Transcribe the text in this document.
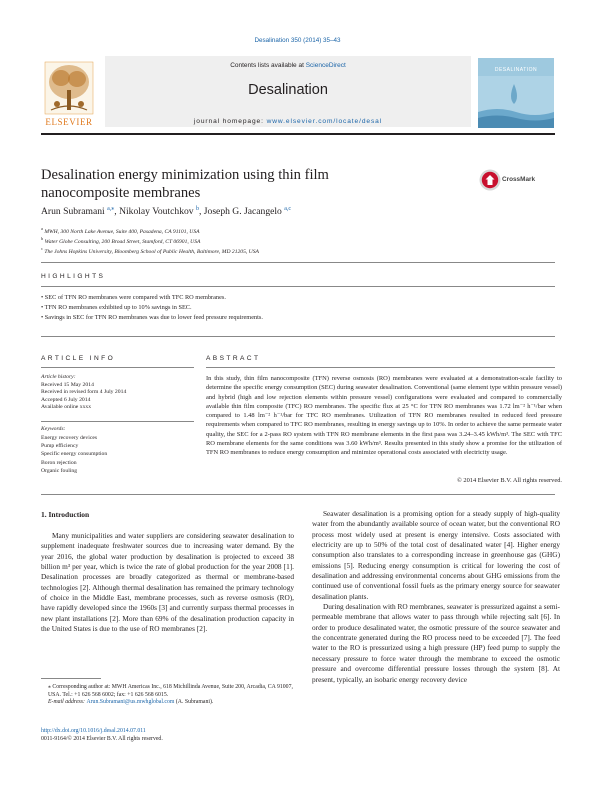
Desalination 350 (2014) 35–43
ELSEVIER
Contents lists available at ScienceDirect
Desalination
journal homepage: www.elsevier.com/locate/desal
DESALINATION
Desalination energy minimization using thin film
nanocomposite membranes
CrossMark
Arun Subramani $^{a,⁎}$, Nikolay Voutchkov $^b$, Joseph G. Jacangelo $^{a,c}$
$^a$ MWH, 300 North Lake Avenue, Suite 400, Pasadena, CA 91101, USA
$^b$ Water Globe Consulting, 200 Broad Street, Stamford, CT 06901, USA
$^c$ The Johns Hopkins University, Bloomberg School of Public Health, Baltimore, MD 21205, USA
HIGHLIGHTS
• SEC of TFN RO membranes were compared with TFC RO membranes.
• TFN RO membranes exhibited up to 10% savings in SEC.
• Savings in SEC for TFN RO membranes was due to lower feed pressure requirements.
ARTICLE INFO
Article history:
Received 15 May 2014
Received in revised form 4 July 2014
Accepted 6 July 2014
Available online xxxx
Keywords:
Energy recovery devices
Pump efficiency
Specific energy consumption
Boron rejection
Organic fouling
ABSTRACT
In this study, thin film nanocomposite (TFN) reverse osmosis (RO) membranes were evaluated at a demonstration-scale facility to determine the specific energy consumption (SEC) during seawater desalination. Conventional (same element type within pressure vessel) and hybrid (high and low rejection elements within pressure vessel) configurations were evaluated and compared to commercially available thin film composite (TFC) RO membranes. The specific flux at 25 °C for TFN RO membranes was 1.72 lm⁻² h⁻¹/bar when compared to 1.48 lm⁻² h⁻¹/bar for TFC RO membranes. Utilization of TFN RO membranes resulted in reduced feed pressure requirements when compared to TFC RO membranes, resulting in energy savings up to 10%. In order to achieve the same permeate water quality, the SEC for a 2-pass RO system with TFN RO membrane elements in the first pass was 3.24–3.45 kWh/m³. The SEC with TFC RO membrane elements for the same conditions was 3.60 kWh/m³. Results presented in this study show a promise for the utilization of TFN RO membranes to reduce energy consumption and minimize operational costs associated with electricity usage.
© 2014 Elsevier B.V. All rights reserved.
1. Introduction

Many municipalities and water suppliers are considering seawater desalination to supplement inadequate freshwater sources due to increasing water demand. By the year 2016, the global water production by desalination is projected to exceed 38 billion m³ per year, which is twice the rate of global production for the year 2008 [1]. Desalination processes are broadly categorized as thermal or membrane-based technologies [2]. Although thermal desalination has remained the primary technology of choice in the Middle East, membrane processes, such as reverse osmosis (RO), have rapidly developed since the 1960s [3] and currently surpass thermal processes in new plant installations [2]. More than 69% of the desalination production capacity in the United States is due to the use of RO membranes [2].

Seawater desalination is a promising option for a steady supply of high-quality water from the abundantly available source of ocean water, but the conventional RO process most widely used at present is energy intensive. Costs associated with electricity are up to 50% of the total cost of desalinated water [4]. Higher energy consumption also translates to a corresponding increase in greenhouse gas (GHG) emissions [5]. Reducing energy consumption is critical for lowering the cost of desalination and addressing environmental concerns about GHG emissions from the continued use of conventional fossil fuels as the primary energy source for seawater desalination plants.

During desalination with RO membranes, seawater is pressurized against a semi-permeable membrane that allows water to pass through while rejecting salt [6]. In order to produce desalinated water, the osmotic pressure of the source seawater and the concentrate generated during the RO process need to be exceeded [7]. The feed water to the RO is pressurized using a high pressure (HP) feed pump to supply the necessary pressure to force water through the membrane to exceed the osmotic pressure and overcome differential pressure losses through the system [8]. At present, typically, an isobaric energy recovery device

⁎ Corresponding author at: MWH Americas Inc., 618 Michillinda Avenue, Suite 200, Arcadia, CA 91007, USA. Tel.: +1 626 568 6002; fax: +1 626 568 6015.
E-mail address: Arun.Subramani@us.mwhglobal.com (A. Subramani).
http://dx.doi.org/10.1016/j.desal.2014.07.011
0011-9164/© 2014 Elsevier B.V. All rights reserved.
